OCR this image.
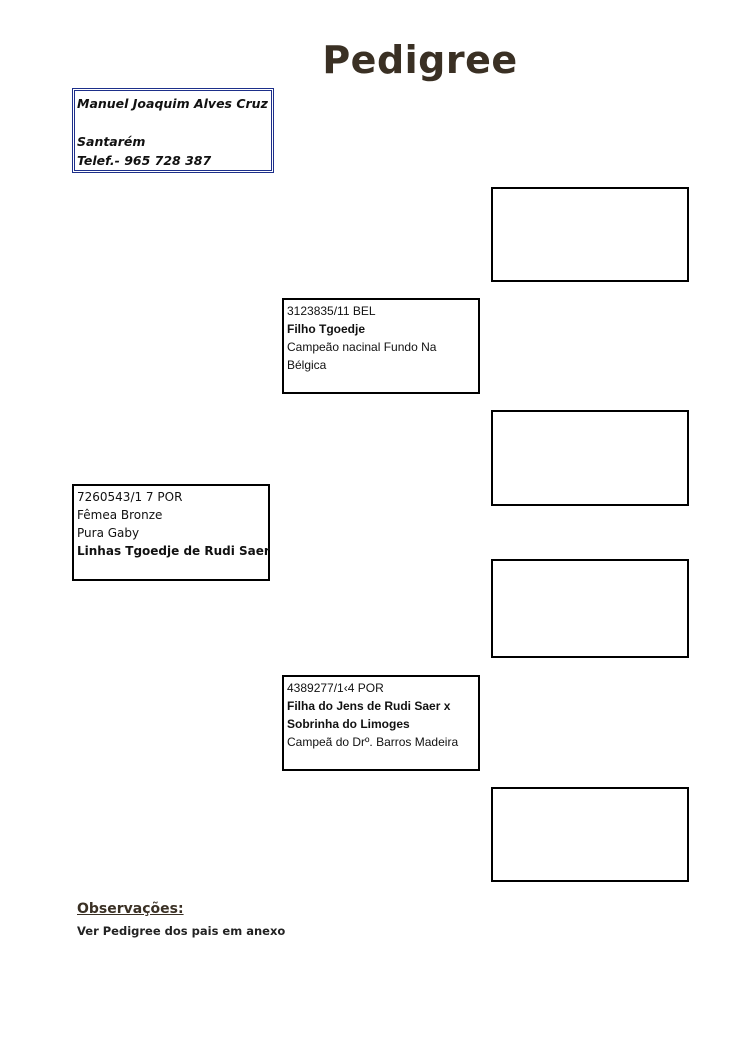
Pedigree
Manuel Joaquim Alves Cruz
Santarém
Telef.- 965 728 387
3123835/11 BEL
Filho Tgoedje
Campeão nacinal Fundo Na
Bélgica
7260543/1 7 POR
Fêmea Bronze
Pura Gaby
Linhas Tgoedje de Rudi Saer
4389277/1‹4 POR
Filha do Jens de Rudi Saer x
Sobrinha do Limoges
Campeã do Drº. Barros Madeira
Observações:
Ver Pedigree dos pais em anexo
